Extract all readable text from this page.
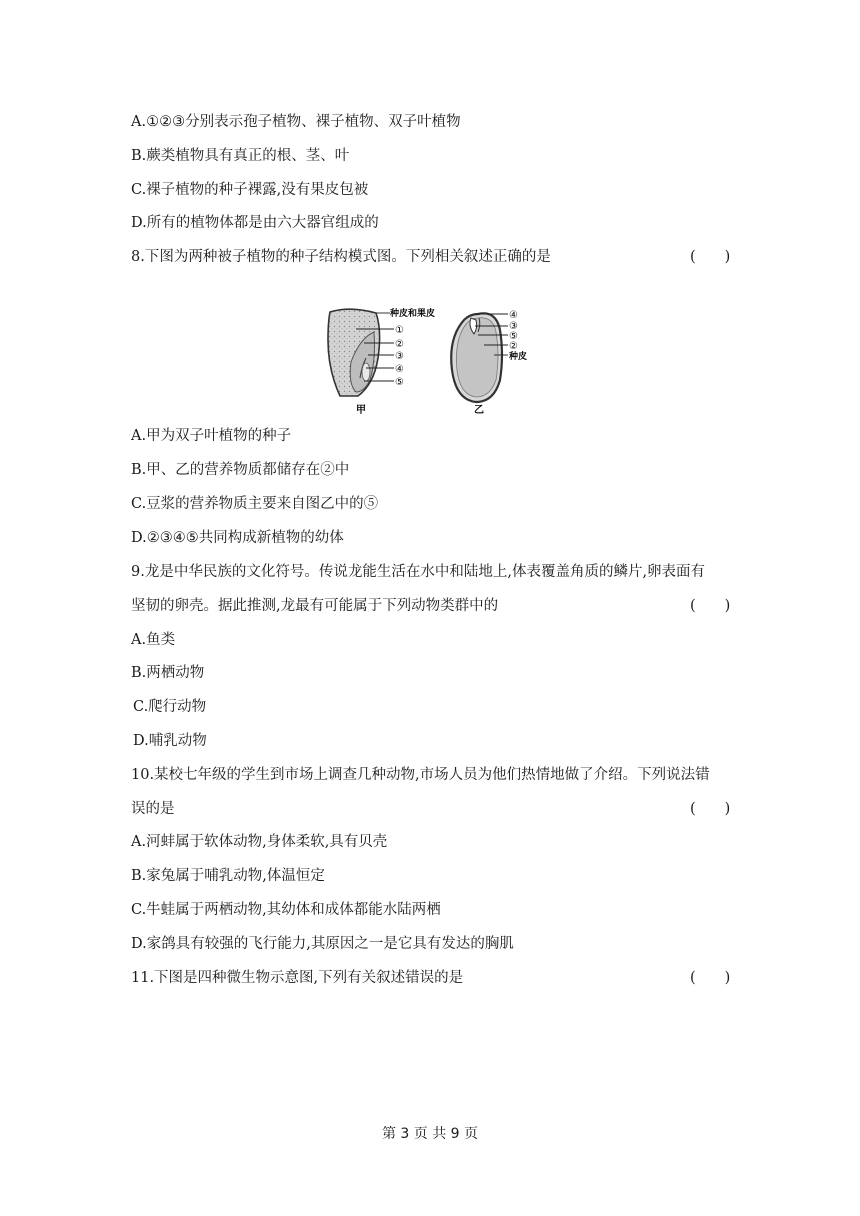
A.①②③分别表示孢子植物、裸子植物、双子叶植物
B.蕨类植物具有真正的根、茎、叶
C.裸子植物的种子裸露,没有果皮包被
D.所有的植物体都是由六大器官组成的
8.下图为两种被子植物的种子结构模式图。下列相关叙述正确的是	(　　)
种皮和果皮
①
②
③
④
⑤
甲
④
③
⑤
②
种皮
乙
A.甲为双子叶植物的种子
B.甲、乙的营养物质都储存在②中
C.豆浆的营养物质主要来自图乙中的⑤
D.②③④⑤共同构成新植物的幼体
9.龙是中华民族的文化符号。传说龙能生活在水中和陆地上,体表覆盖角质的鳞片,卵表面有
坚韧的卵壳。据此推测,龙最有可能属于下列动物类群中的	(　　)
A.鱼类
B.两栖动物
C.爬行动物
D.哺乳动物
10.某校七年级的学生到市场上调查几种动物,市场人员为他们热情地做了介绍。下列说法错
误的是	(　　)
A.河蚌属于软体动物,身体柔软,具有贝壳
B.家兔属于哺乳动物,体温恒定
C.牛蛙属于两栖动物,其幼体和成体都能水陆两栖
D.家鸽具有较强的飞行能力,其原因之一是它具有发达的胸肌
11.下图是四种微生物示意图,下列有关叙述错误的是	(　　)
第 3 页 共 9 页
